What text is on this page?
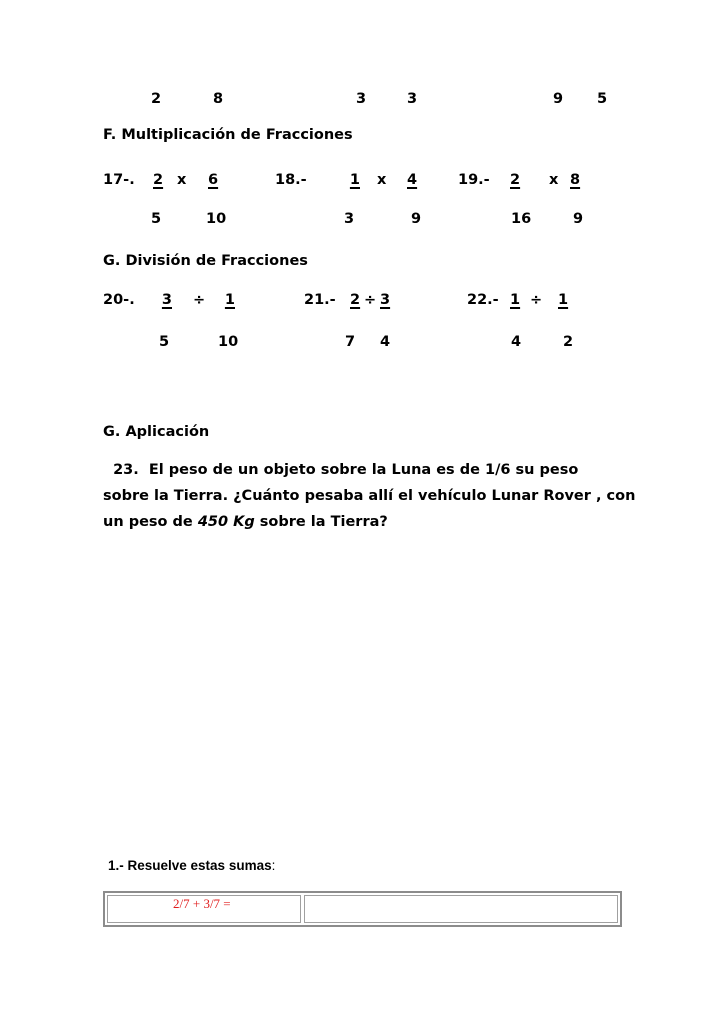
2	8	3	3	9 5
F. Multiplicación de Fracciones
17-. 2 x 6	18.-	1 x 4	19.- 2	x 8
5	10	3	9	16	9
G. División de Fracciones
20-.	3 ÷	1	21.- 2 ÷ 3	22.- 1 ÷ 1
5	10	7 4	4	2
G. Aplicación
23.  El peso de un objeto sobre la Luna es de 1/6 su peso
sobre la Tierra. ¿Cuánto pesaba allí el vehículo Lunar Rover , con
un peso de 450 Kg sobre la Tierra?
1.- Resuelve estas sumas:
2/7 + 3/7 =
